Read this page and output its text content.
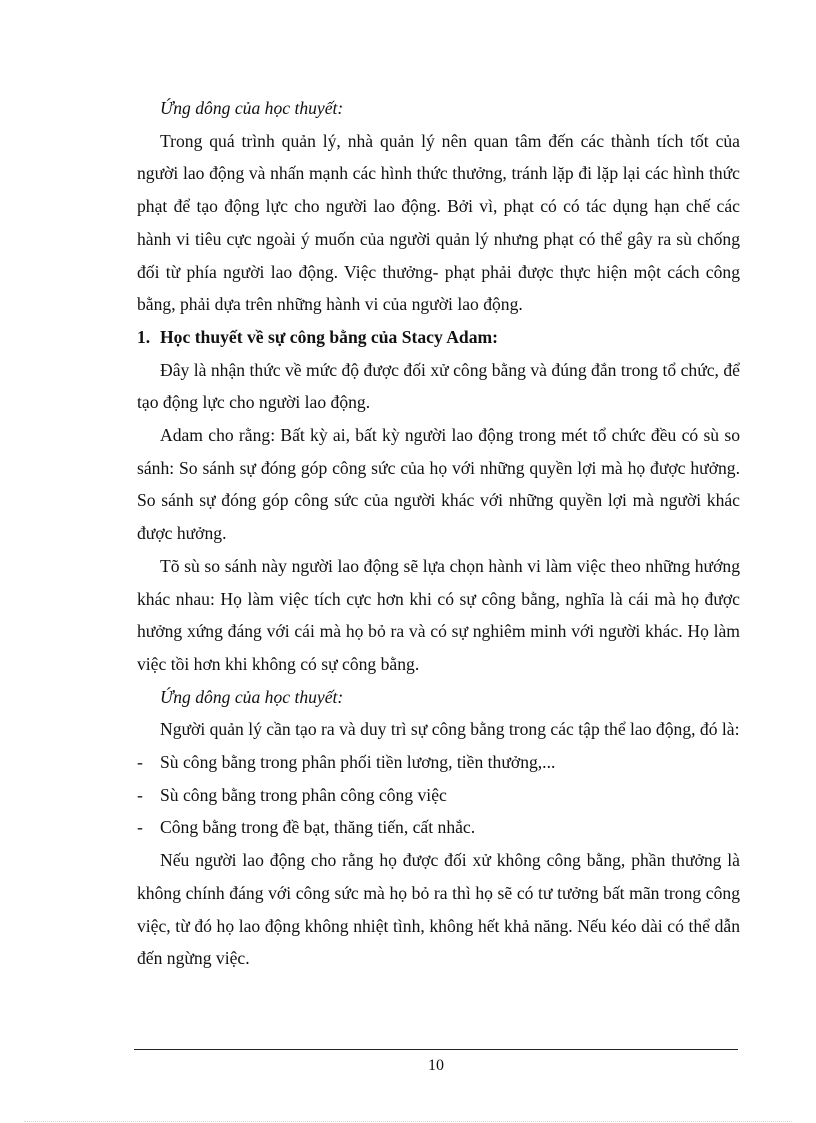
Ứng dông của học thuyết:

Trong quá trình quản lý, nhà quản lý nên quan tâm đến các thành tích tốt của người lao động và nhấn mạnh các hình thức thưởng, tránh lặp đi lặp lại các hình thức phạt để tạo động lực cho người lao động. Bởi vì, phạt có có tác dụng hạn chế các hành vi tiêu cực ngoài ý muốn của người quản lý nhưng phạt có thể gây ra sù chống đối từ phía người lao động. Việc thưởng- phạt phải được thực hiện một cách công bằng, phải dựa trên những hành vi của người lao động.

1. Học thuyết về sự công bằng của Stacy Adam:

Đây là nhận thức về mức độ được đối xử công bằng và đúng đắn trong tổ chức, để tạo động lực cho người lao động.

Adam cho rằng: Bất kỳ ai, bất kỳ người lao động trong mét tổ chức đều có sù so sánh: So sánh sự đóng góp công sức của họ với những quyền lợi mà họ được hưởng. So sánh sự đóng góp công sức của người khác với những quyền lợi mà người khác được hưởng.

Tõ sù so sánh này người lao động sẽ lựa chọn hành vi làm việc theo những hướng khác nhau: Họ làm việc tích cực hơn khi có sự công bằng, nghĩa là cái mà họ được hưởng xứng đáng với cái mà họ bỏ ra và có sự nghiêm minh với người khác. Họ làm việc tồi hơn khi không có sự công bằng.

Ứng dông của học thuyết:

Người quản lý cần tạo ra và duy trì sự công bằng trong các tập thể lao động, đó là:

- Sù công bằng trong phân phối tiền lương, tiền thưởng,...
- Sù công bằng trong phân công công việc
- Công bằng trong đề bạt, thăng tiến, cất nhắc.

Nếu người lao động cho rằng họ được đối xử không công bằng, phần thưởng là không chính đáng với công sức mà họ bỏ ra thì họ sẽ có tư tưởng bất mãn trong công việc, từ đó họ lao động không nhiệt tình, không hết khả năng. Nếu kéo dài có thể dẫn đến ngừng việc.

10
